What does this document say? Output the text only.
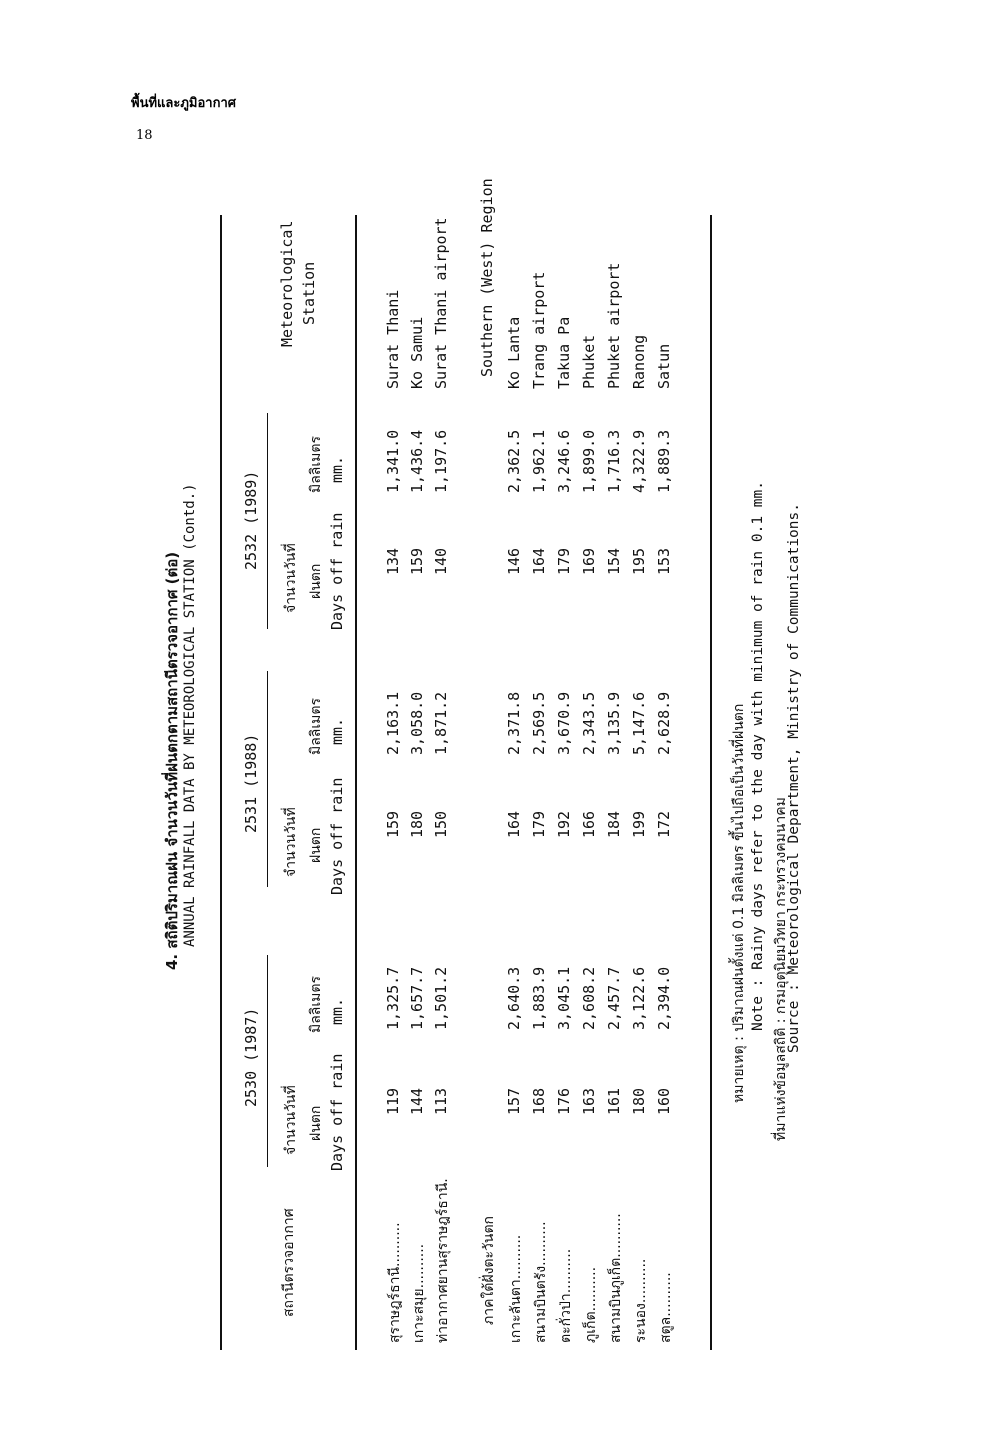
พื้นที่และภูมิอากาศ
18
4. สถิติปริมาณฝน จำนวนวันที่ฝนตกตามสถานีตรวจอากาศ (ต่อ) ANNUAL RAINFALL DATA BY METEOROLOGICAL STATION (Contd.)
สถานีตรวจอากาศ
2530 (1987)
2531 (1988)
2532 (1989)
จำนวนวันที่ ฝนตก Days off rain
มิลลิเมตร mm.
จำนวนวันที่ ฝนตก Days off rain
มิลลิเมตร mm.
จำนวนวันที่ ฝนตก Days off rain
มิลลิเมตร mm.
Meteorological Station
สุราษฎร์ธานี..........
119
1,325.7
159
2,163.1
134
1,341.0
Surat Thani
เกาะสมุย..........
144
1,657.7
180
3,058.0
159
1,436.4
Ko Samui
ท่าอากาศยานสุราษฎร์ธานี.
113
1,501.2
150
1,871.2
140
1,197.6
Surat Thani airport
ภาคใต้ฝั่งตะวันตก
Southern (West) Region
เกาะลันตา..........
157
2,640.3
164
2,371.8
146
2,362.5
Ko Lanta
สนามบินตรัง..........
168
1,883.9
179
2,569.5
164
1,962.1
Trang airport
ตะกั่วป่า..........
176
3,045.1
192
3,670.9
179
3,246.6
Takua Pa
ภูเก็ต..........
163
2,608.2
166
2,343.5
169
1,899.0
Phuket
สนามบินภูเก็ต..........
161
2,457.7
184
3,135.9
154
1,716.3
Phuket airport
ระนอง..........
180
3,122.6
199
5,147.6
195
4,322.9
Ranong
สตูล..........
160
2,394.0
172
2,628.9
153
1,889.3
Satun
หมายเหตุ : ปริมาณฝนตั้งแต่ 0.1 มิลลิเมตร ขึ้นไปถือเป็นวันที่ฝนตก Note : Rainy days refer to the day with minimum of rain 0.1 mm. ที่มาแห่งข้อมูลสถิติ : กรมอุตุนิยมวิทยา กระทรวงคมนาคม
Source : Meteorological Department, Ministry of Communications.
